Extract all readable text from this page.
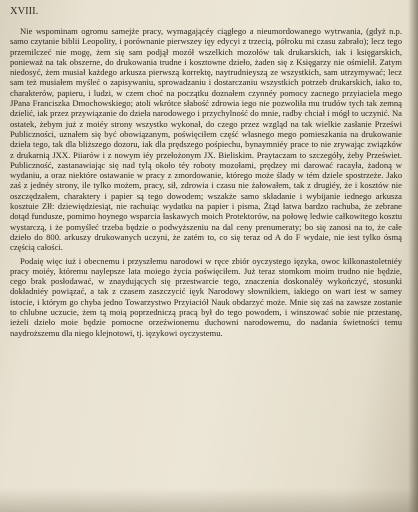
XVIII.

Nie wspominam ogromu samejże pracy, wymagającéy ciągłego a nieumordowanego wytrwania, (gdyż n.p. samo czytanie biblii Leopolity, i porównanie pierwszey ięy edycyi z trzecią, półroku mi czasu zabrało); lecz tego przemilczeć nie mogę, żem się sam podjął mozół wszelkich mozołów tak drukarskich, iak i księgarskich, ponieważ na tak obszerne, do drukowania trudne i kosztowne dzieło, żaden się z Księgarzy nie ośmielił. Zatym niedosyć, żem musiał każdego arkusza pierwszą korrektę, naytrudnieyszą ze wszystkich, sam utrzymywać; lecz sam też musiałem myśleć o zapisywaniu, sprowadzaniu i dostarczaniu wszystkich potrzeb drukarskich, iako to, charakterów, papieru, i ludzi, w czem choć na początku doznałem czynnéy pomocy zacnego przyiaciela mego JPana Franciszka Dmochowskiego; atoli wkrótce słabość zdrowia iego nie pozwoliła mu trudów tych tak zemną dzielić, iak przez przywiązanie do dzieła narodowego i przychylność do mnie, radby chciał i mógł to uczynić. Na ostatek, żebym już z moiéy strony wszystko wykonał, do czego przez wzgląd na tak wielkie zasłanie Prześwi Publiczności, uznałem się być obowiązanym, poświęciłem część własnego mego pomieszkania na drukowanie dzieła tego, tak dla bliższego dozoru, iak dla prędszego pośpiechu, bynaymniéy prace to nie zrywając związków z drukarnią JXX. Piiarów i z nowym iéy przełożonym JX. Bieliskim. Praytaczam to szczegóły, żeby Przeświet. Publiczność, zastanawiając się nad tylą około téy roboty mozołami, prędzey mi darować racayła, żadoną w wydaniu, a oraz niektóre ostawanie w pracy z zmordowanie, którego może ślady w tém dziele spostrzeże. Jako zaś z jednéy strony, ile tylko możem, pracy, sił, zdrowia i czasu nie żałowałem, tak z drugiéy, że i kosztów nie oszczędzałem, charaktery i papier są tego dowodem; wszakże samo składanie i wybijanie iednego arkusza kosztuie Złł: dziewiędziesiąt, nie rachuiąc wydatku na papier i pisma, Żtąd łatwa bardzo rachuba, że zebrane dotąd fundusze, pomimo hoynego wsparcia łaskawych moich Protektorów, na połowę ledwie całkowitego kosztu wystarczą, i że pomyśleć trzeba będzie o podwyższeniu na dal ceny prenumeraty; bo się zanosi na to, że całe dzieło do 800. arkuszy drukowanych uczyni, że zatém to, co się teraz od A do F wydaie, nie iest tylko ósmą częścią całości.

Podaię więc iuż i obecnemu i przyszłemu narodowi w ręce zbiór oyczystego ięzyka, owoc kilkonastoletniéy pracy moiéy, któremu naylepsze lata moiego życia poświęciłem. Już teraz stomkom moim trudno nie będzie, cego brak posłodawać, w znaydujących się przestwarcie tego, znaczenia doskonaléy wykończyć, stosunki dokładniéy powiązać, a tak z czasem zaszczycić ięyk Narodowy słownikiem, iakiego on wart iest w samey istocie, i którym go chyba jedno Towarzystwo Przyiaciół Nauk obdarzyć może. Mnie się zaś na zawsze zostanie to chlubne uczucie, żem tą moią poprzedniczą pracą był do tego powodem, i winszować sobie nie przestanę, ieżeli dzieło moie będzie pomocne orzeźwionemu duchowni narodowemu, do nadania świetności temu naydroższemu dla niego klejnotowi, tj. ięzykowi oyczystemu.
